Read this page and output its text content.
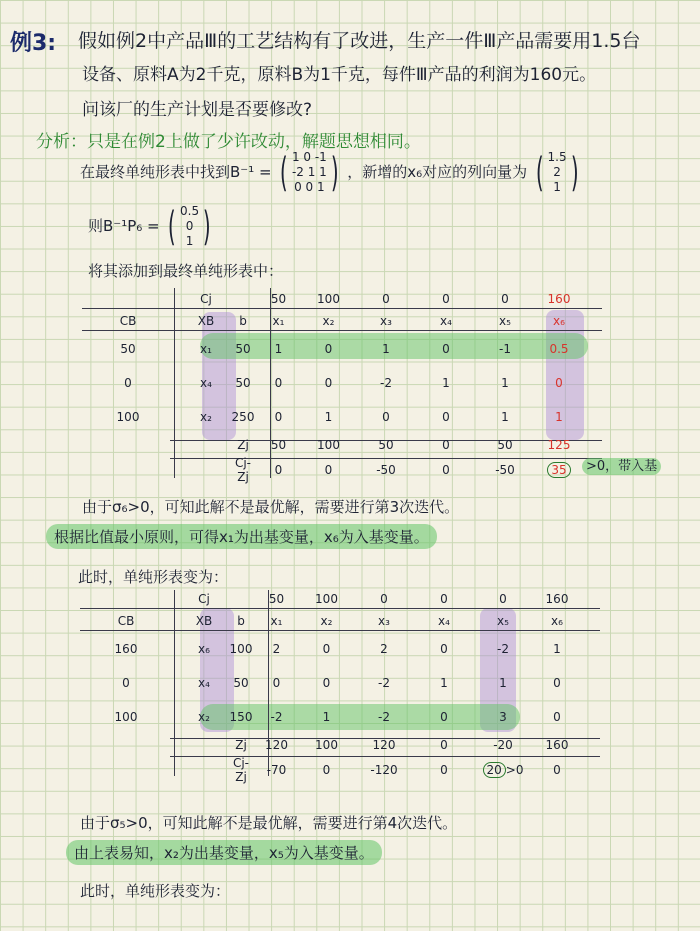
例3: 假如例2中产品Ⅲ的工艺结构有了改进，生产一件Ⅲ产品需要用1.5台
设备、原料A为2千克，原料B为1千克，每件Ⅲ产品的利润为160元。
问该厂的生产计划是否要修改?
分析：只是在例2上做了少许改动，解题思想相同。
在最终单纯形表中找到B⁻¹ = ( 1 0 -1
-2 1 1
0 0 1 ) ，新增的x₆对应的列向量为 ( 1.5
2
1 )
则B⁻¹P₆ = ( 0.5
0
1 )
将其添加到最终单纯形表中：
		Cj		50	100	0	0	0	160
CB		XB	b	x₁	x₂	x₃	x₄	x₅	x₆
50		x₁	50	1	0	1	0	-1	0.5
0		x₄	50	0	0	-2	1	1	0
100		x₂	250	0	1	0	0	1	1
			Zj	50	100	50	0	50	125
			Cj-Zj	0	0	-50	0	-50	35	>0，带入基
由于σ₆>0，可知此解不是最优解，需要进行第3次迭代。
根据比值最小原则，可得x₁为出基变量，x₆为入基变量。
此时，单纯形表变为：
		Cj		50	100	0	0	0	160
CB		XB	b	x₁	x₂	x₃	x₄	x₅	x₆
160		x₆	100	2	0	2	0	-2	1
0		x₄	50	0	0	-2	1	1	0
100		x₂	150	-2	1	-2	0	3	0
			Zj	120	100	120	0	-20	160
			Cj-Zj	-70	0	-120	0	20 >0	0
由于σ₅>0，可知此解不是最优解，需要进行第4次迭代。
由上表易知，x₂为出基变量，x₅为入基变量。
此时，单纯形表变为：
